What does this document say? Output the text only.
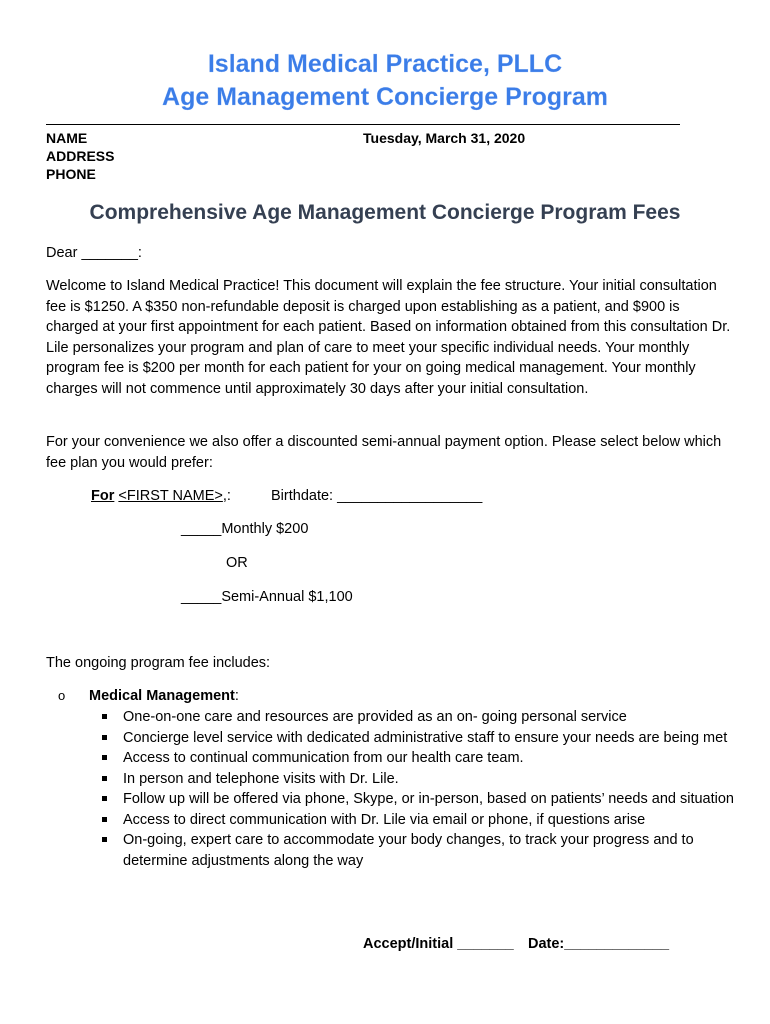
Island Medical Practice, PLLC
Age Management Concierge Program
NAME
ADDRESS
PHONE
Tuesday, March 31, 2020
Comprehensive Age Management Concierge Program Fees
Dear _______:
Welcome to Island Medical Practice! This document will explain the fee structure. Your initial consultation fee is $1250. A $350 non-refundable deposit is charged upon establishing as a patient, and $900 is charged at your first appointment for each patient. Based on information obtained from this consultation Dr. Lile personalizes your program and plan of care to meet your specific individual needs. Your monthly program fee is $200 per month for each patient for your on going medical management. Your monthly charges will not commence until approximately 30 days after your initial consultation.
For your convenience we also offer a discounted semi-annual payment option. Please select below which fee plan you would prefer:
For <FIRST NAME>,:	Birthdate: __________________
_____Monthly $200
OR
_____Semi-Annual $1,100
The ongoing program fee includes:
o Medical Management:
One-on-one care and resources are provided as an on- going personal service
Concierge level service with dedicated administrative staff to ensure your needs are being met
Access to continual communication from our health care team.
In person and telephone visits with Dr. Lile.
Follow up will be offered via phone, Skype, or in-person, based on patients’ needs and situation
Access to direct communication with Dr. Lile via email or phone, if questions arise
On-going, expert care to accommodate your body changes, to track your progress and to determine adjustments along the way
Accept/Initial _______ Date:_____________
